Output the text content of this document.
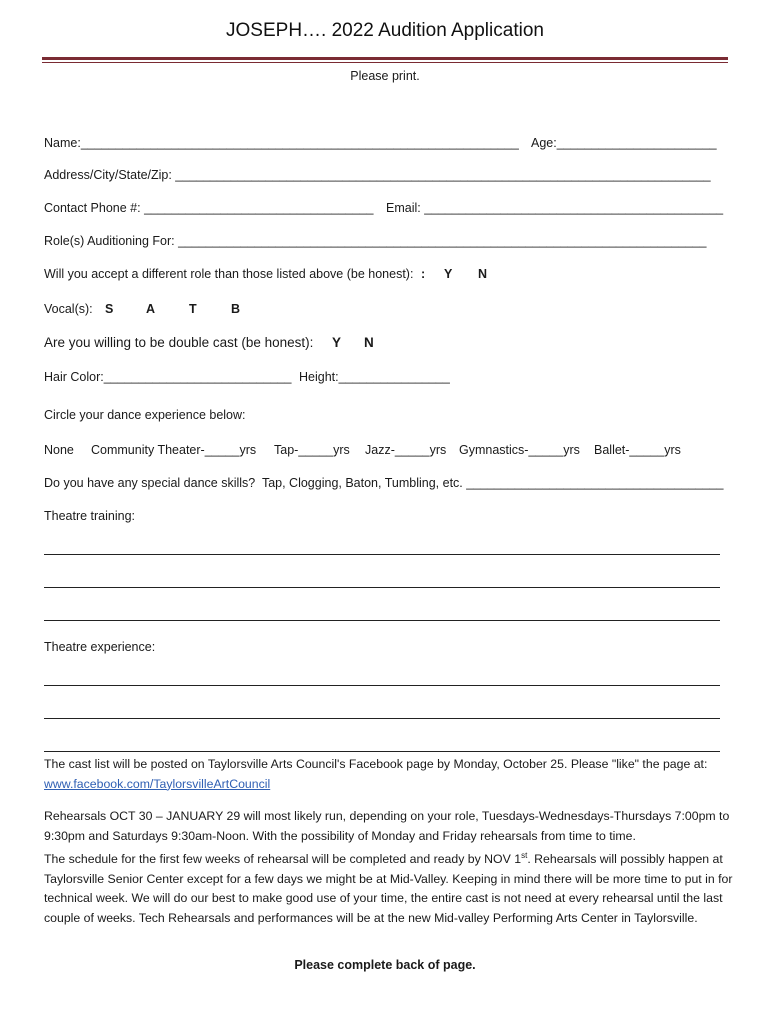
JOSEPH…. 2022 Audition Application
Please print.
Name:_______________________________________________________________ Age:_______________________
Address/City/State/Zip: _____________________________________________________________________________
Contact Phone #: _________________________________ Email: ___________________________________________
Role(s) Auditioning For: ____________________________________________________________________________
Will you accept a different role than those listed above (be honest): : Y N
Vocal(s): S	A	T	B
Are you willing to be double cast (be honest): Y N
Hair Color:___________________________ Height:________________
Circle your dance experience below:
None Community Theater-_____yrs Tap-_____yrs Jazz-_____yrs Gymnastics-_____yrs Ballet-_____yrs
Do you have any special dance skills?  Tap, Clogging, Baton, Tumbling, etc. _____________________________________
Theatre training:
Theatre experience:
The cast list will be posted on Taylorsville Arts Council's Facebook page by Monday, October 25. Please "like" the page at: www.facebook.com/TaylorsvilleArtCouncil
Rehearsals OCT 30 – JANUARY 29 will most likely run, depending on your role, Tuesdays-Wednesdays-Thursdays 7:00pm to 9:30pm and Saturdays 9:30am-Noon. With the possibility of Monday and Friday rehearsals from time to time.
The schedule for the first few weeks of rehearsal will be completed and ready by NOV 1st. Rehearsals will possibly happen at Taylorsville Senior Center except for a few days we might be at Mid-Valley. Keeping in mind there will be more time to put in for technical week. We will do our best to make good use of your time, the entire cast is not need at every rehearsal until the last couple of weeks. Tech Rehearsals and performances will be at the new Mid-valley Performing Arts Center in Taylorsville.
Please complete back of page.
